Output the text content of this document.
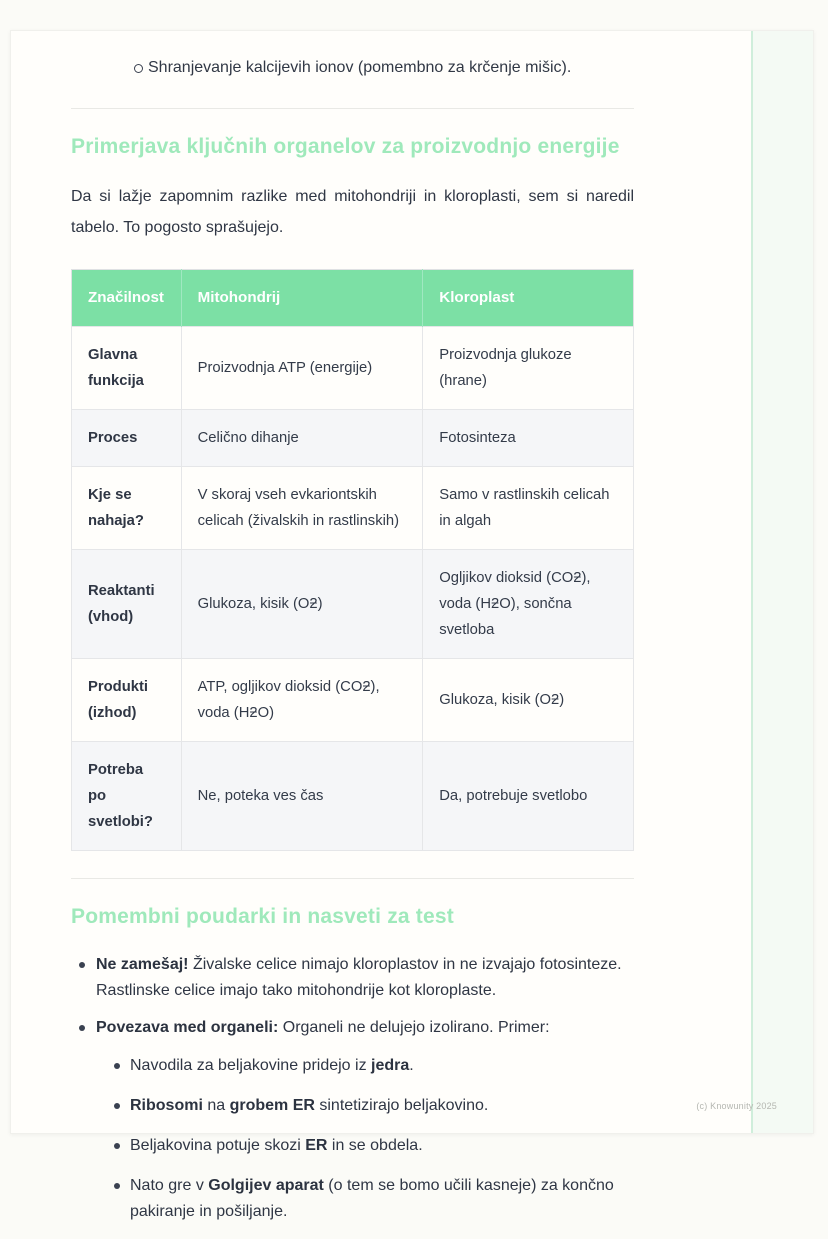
Shranjevanje kalcijevih ionov (pomembno za krčenje mišic).
Primerjava ključnih organelov za proizvodnjo energije

Da si lažje zapomnim razlike med mitohondriji in kloroplasti, sem si naredil tabelo. To pogosto sprašujejo.

Značilnost	Mitohondrij	Kloroplast
Glavna funkcija	Proizvodnja ATP (energije)	Proizvodnja glukoze (hrane)
Proces	Celično dihanje	Fotosinteza
Kje se nahaja?	V skoraj vseh evkariontskih celicah (živalskih in rastlinskih)	Samo v rastlinskih celicah in algah
Reaktanti (vhod)	Glukoza, kisik (Oƻ)	Ogljikov dioksid (COƻ), voda (HƻO), sončna svetloba
Produkti (izhod)	ATP, ogljikov dioksid (COƻ), voda (HƻO)	Glukoza, kisik (Oƻ)
Potreba po svetlobi?	Ne, poteka ves čas	Da, potrebuje svetlobo
Pomembni poudarki in nasveti za test
Ne zamešaj! Živalske celice nimajo kloroplastov in ne izvajajo fotosinteze. Rastlinske celice imajo tako mitohondrije kot kloroplaste.
Povezava med organeli: Organeli ne delujejo izolirano. Primer:
Navodila za beljakovine pridejo iz jedra.
Ribosomi na grobem ER sintetizirajo beljakovino.
Beljakovina potuje skozi ER in se obdela.
Nato gre v Golgijev aparat (o tem se bomo učili kasneje) za končno pakiranje in pošiljanje.
(c) Knowunity 2025
